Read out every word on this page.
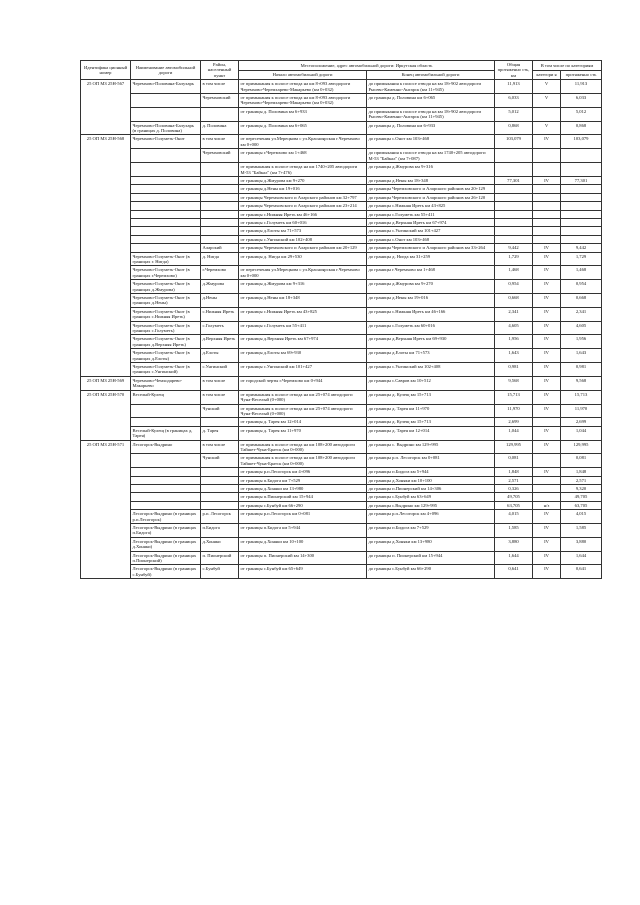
Идентифика ционный номер	Наименование автомобильной дороги	Район, населенный пункт	Местоположение, адрес автомобильной дороги: Иркутская область		Общая протяженно сть, км	В том числе по категориям	
			Начало автомобильной дороги	Конец автомобильной дороги		категори я	протяженно сть
25 ОП МЗ 25Н-567	Черемхово-Половина-Балухарь	в том числе	от примыкания к полосе отвода на км 8+093 автодороги Черемхово-Черемхарево-Макарьево (км 0+032)	до примыкания к полосе отвода на км 18+902 автодороги Рысево-Каменно-Ангарск (км 11+945)	11,913	V	11,913
		Черемховский	от примыкания к полосе отвода на км 8+093 автодороги Черемхово-Черемхарево-Макарьево (км 0+032)	до границы д. Половина км 6+065	6,033	V	6,033
			от границы д. Половина км 6+933	до примыкания к полосе отвода на км 18+902 автодороги Рысево-Каменно-Ангарск (км 11+945)	5,012		5,012
	Черемхово-Половина-Балухарь (в границах д. Половина)	д. Половина	от границы д. Половина км 6+065	до границы д. Половина км 6+933	0,868	V	0,868
25 ОП МЗ 25Н-568	Черемхово-Голуметь-Онот	в том числе	от пересечения ул.Мерецкова с ул.Красноярская г.Черемхово км 0+000	до границы с.Онот км 103+468	103,079	IV	103,079
		Черемховский	от границы г.Черемхово км 1+468	до примыкания к полосе отвода на км 1740+205 автодороги М-53 "Байкал" (км 7+087)			
			от примыкания к полосе отвода на км 1740+205 автодороги М-53 "Байкал" (км 7+476)	до границы д.Жмурова км 9+316			
			от границы д.Жмурова км 9+270	до границы д.Нены км 18+348	77,301	IV	77,301
			от границы д.Нены км 19+016	до границы Черемховского и Аларского районов км 20+129			
			от границы Черемховского и Аларского районов км 32+797	до границы Черемховского и Аларского районов км 26+120			
			от границы Черемховского и Аларского районов км 23+214	до границы с.Нижняя Иреть км 43+825			
			от границы с.Нижняя Иреть км 46+166	до границы с.Голуметь км 55+411			
			от границы с.Голуметь км 60+016	до границы д.Верхняя Иреть км 67+974			
			от границы д.Елоты км 71+573	до границы с.Унгинский км 101+427			
			от границы с.Унгинский км 102+408	до границы с.Онот км 103+468			
		Аларский	от границы Черемховского и Аларского районов км 20+129	до границы Черемховского и Аларского районов км 33+264	9,442	IV	9,442
	Черемхово-Голуметь-Онот (в границах г. Нигда)	д. Нигда	от границы д. Нигда км 29+530	до границы д. Нигда км 31+259	1,729	IV	1,729
	Черемхово-Голуметь-Онот (в границах г.Черемхово)	г.Черемхово	от пересечения ул.Мерецкова с ул.Красноярская г.Черемхово км 0+000	до границы г.Черемхово км 1+468	1,468	IV	1,468
	Черемхово-Голуметь-Онот (в границах д.Жмурова)	д.Жмурова	от границы д.Жмурова км 9+316	до границы д.Жмурова км 9+270	0,954	IV	0,954
	Черемхово-Голуметь-Онот (в границах д.Нены)	д.Нены	от границы д.Нены км 18+348	до границы д.Нены км 19+016	0,668	IV	0,668
	Черемхово-Голуметь-Онот (в границах с.Нижняя Иреть)	с.Нижняя Иреть	от границы с.Нижняя Иреть км 43+825	до границы с.Нижняя Иреть км 46+166	2,341	IV	2,341
	Черемхово-Голуметь-Онот (в границах с.Голуметь)	с.Голуметь	от границы с.Голуметь км 55+411	до границы с.Голуметь км 60+016	4,605	IV	4,605
	Черемхово-Голуметь-Онот (в границах д.Верхняя Иреть)	д.Верхняя Иреть	от границы д.Верхняя Иреть км 67+974	до границы д.Верхняя Иреть км 69+930	1,956	IV	1,956
	Черемхово-Голуметь-Онот (в границах д.Елоты)	д.Елоты	от границы д.Елоты км 69+930	до границы д.Елоты км 71+573	1,643	IV	1,643
	Черемхово-Голуметь-Онот (в границах с.Унгинский)	с.Унгинский	от границы с.Унгинский км 101+427	до границы с.Унгинский км 102+408	0,981	IV	0,981
25 ОП МЗ 25Н-569	Черемхово-Чемходарево-Макарьево	в том числе	от городской черты г.Черемхово км 0+944	до границы с.Савров км 10+512	9,568	IV	9,568
25 ОП МЗ 25Н-570	Веселый-Кулещ	в том числе	от примыкания к полосе отвода на км 25+074 автодороги Чуна-Веселый (0+000)	до границы д. Кулещ км 15+713	15,713	IV	15,713
		Чунский	от примыкания к полосе отвода на км 25+074 автодороги Чуна-Веселый (0+000)	до границы д. Тарея км 11+970	11,970	IV	11,970
			от границы д. Тарея км 12+014	до границы д. Кулещ км 15+713	2,699		2,699
	Веселый-Кулещ (в границах д. Тарея)	д. Тарея	от границы д. Тарея км 11+970	до границы д. Тарея км 12+014	1,044	IV	1,044
25 ОП МЗ 25Н-571	Лесогорск-Выдрино	в том числе	от примыкания к полосе отвода на км 108+200 автодороги Тайшет-Чуна-Братск (км 0+000)	до границы с. Выдрино км 129+995	129,995	IV	129,995
		Чунский	от примыкания к полосе отвода на км 108+200 автодороги Тайшет-Чуна-Братск (км 0+000)	до границы р.п. Лесогорск км 0+081	0,081		0,081
			от границы р.п.Лесогорск км 4+096	до границы п.Бидога км 5+944	1,848	IV	1,848
			от границы п.Бидога км 7+529	до границы д.Хоняки км 10+100	2,571		2,571
			от границы д.Хоняки км 13+980	до границы п.Пионерский км 14+306	0,326		9,320
			от границы п.Пионерский км 15+944	до границы с.Бунбуй км 63+649	49,705		49,705
			от границы с.Бунбуй км 66+290	до границы с.Выдрино км 129+995	63,705	н/з	63,705
	Лесогорск-Выдрино (в границах р.п.Лесогорск)	р.п. Лесогорск	от границы р.п.Лесогорск км 0+081	до границы р.п.Лесогорск км 4+096	4,015	IV	4,015
	Лесогорск-Выдрино (в границах п.Бидога)	п.Бидога	от границы п.Бидога км 5+944	до границы п.Бидога км 7+529	1,585	IV	1,585
	Лесогорск-Выдрино (в границах д.Хоняки)	д.Хоняки	от границы д.Хоняки км 10+100	до границы д.Хоняки км 13+980	3,880	IV	3,880
	Лесогорск-Выдрино (в границах п.Пионерский)	п. Пионерский	от границы п. Пионерский км 14+300	до границы п. Пионерский км 15+944	1,644	IV	1,644
	Лесогорск-Выдрино (в границах с.Бунбуй)	с.Бунбуй	от границы с.Бунбуй км 65+649	до границы с.Бунбуй км 66+290	0,641	IV	0,641
